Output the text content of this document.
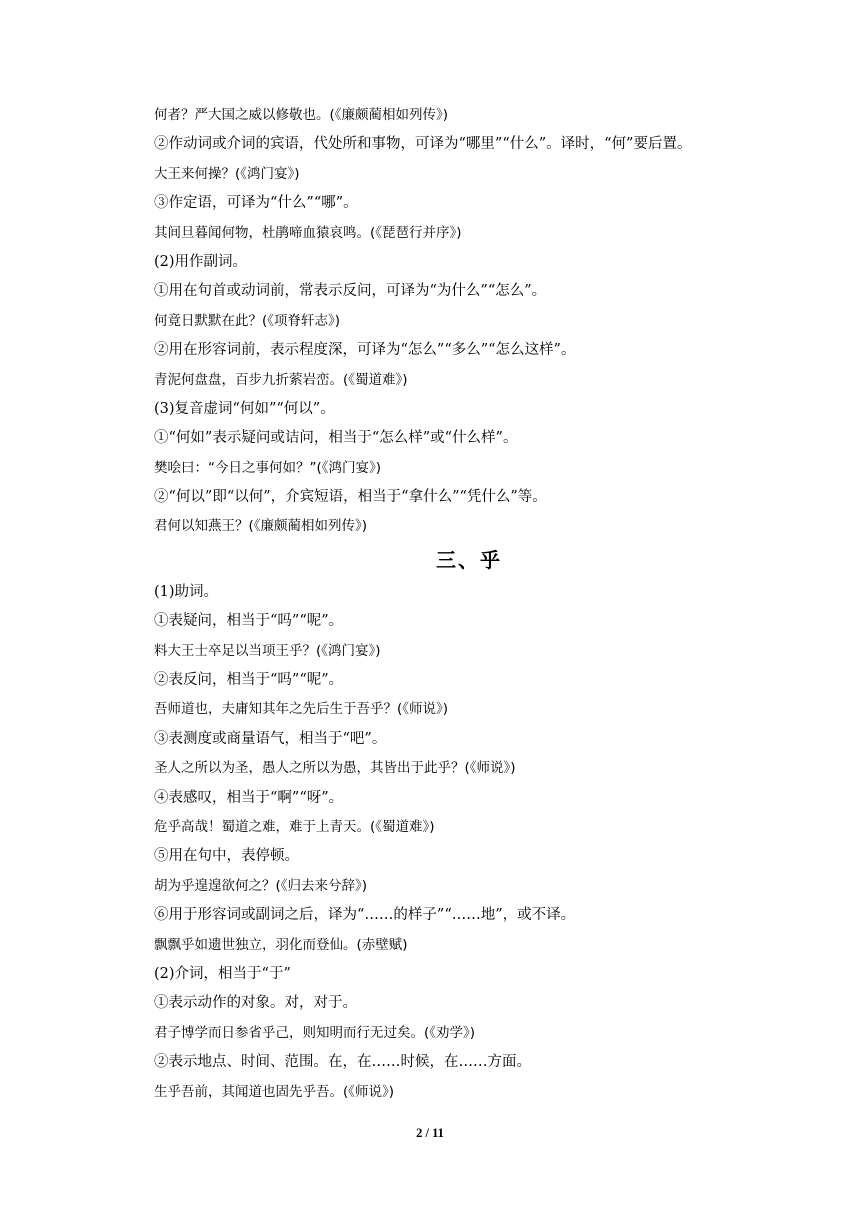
何者？严大国之威以修敬也。(《廉颇蔺相如列传》)
②作动词或介词的宾语，代处所和事物，可译为“哪里”“什么”。译时，“何”要后置。
大王来何操？(《鸿门宴》)
③作定语，可译为“什么”“哪”。
其间旦暮闻何物，杜鹃啼血猿哀鸣。(《琵琶行并序》)
(2)用作副词。
①用在句首或动词前，常表示反问，可译为“为什么”“怎么”。
何竟日默默在此？(《项脊轩志》)
②用在形容词前，表示程度深，可译为“怎么”“多么”“怎么这样”。
青泥何盘盘，百步九折萦岩峦。(《蜀道难》)
(3)复音虚词“何如”“何以”。
①“何如”表示疑问或诘问，相当于“怎么样”或“什么样”。
樊哙曰：“今日之事何如？”(《鸿门宴》)
②“何以”即“以何”，介宾短语，相当于“拿什么”“凭什么”等。
君何以知燕王？(《廉颇蔺相如列传》)
三、乎
(1)助词。
①表疑问，相当于“吗”“呢”。
料大王士卒足以当项王乎？(《鸿门宴》)
②表反问，相当于“吗”“呢”。
吾师道也，夫庸知其年之先后生于吾乎？(《师说》)
③表测度或商量语气，相当于“吧”。
圣人之所以为圣，愚人之所以为愚，其皆出于此乎？(《师说》)
④表感叹，相当于“啊”“呀”。
危乎高哉！蜀道之难，难于上青天。(《蜀道难》)
⑤用在句中，表停顿。
胡为乎遑遑欲何之？(《归去来兮辞》)
⑥用于形容词或副词之后，译为“……的样子”“……地”，或不译。
飘飘乎如遗世独立，羽化而登仙。(赤壁赋)
(2)介词，相当于“于”
①表示动作的对象。对，对于。
君子博学而日参省乎己，则知明而行无过矣。(《劝学》)
②表示地点、时间、范围。在，在……时候，在……方面。
生乎吾前，其闻道也固先乎吾。(《师说》)
2 / 11
